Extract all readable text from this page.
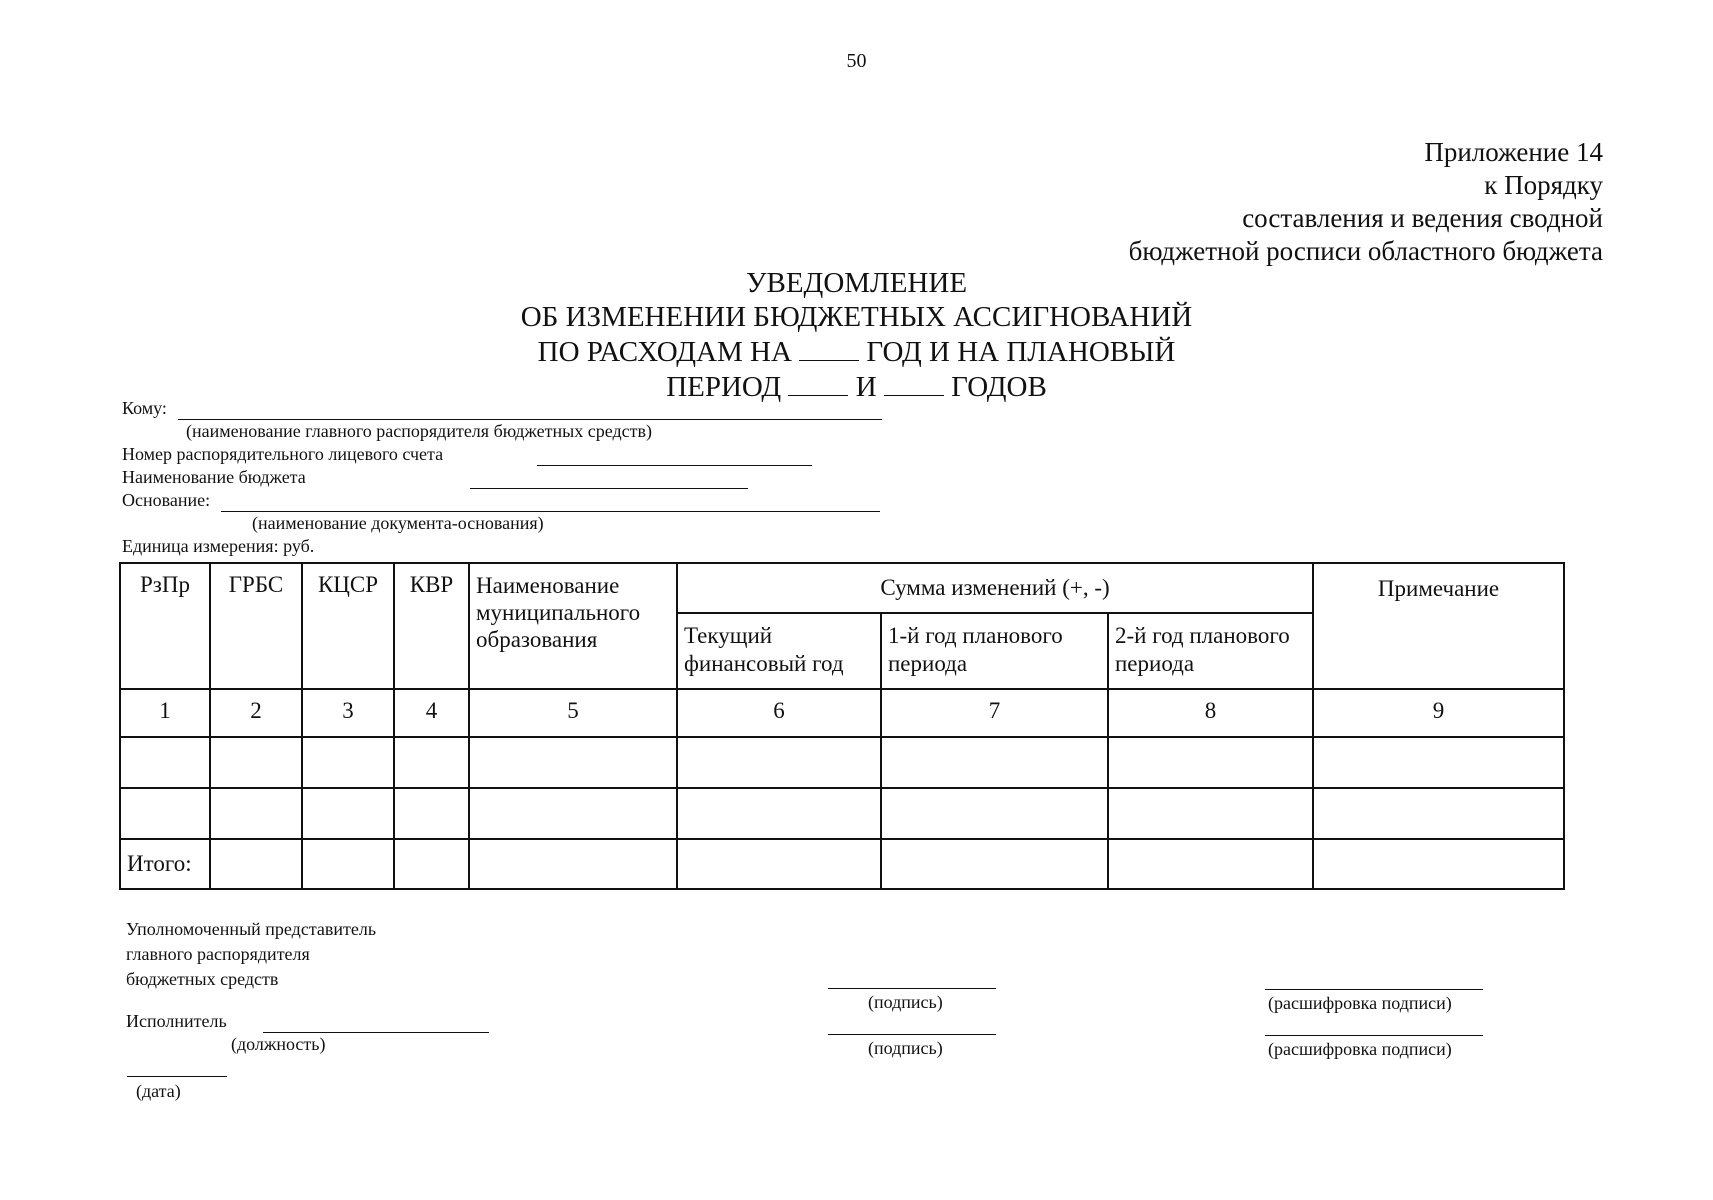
50
Приложение 14
к Порядку
составления и ведения сводной
бюджетной росписи областного бюджета
УВЕДОМЛЕНИЕ
ОБ ИЗМЕНЕНИИ БЮДЖЕТНЫХ АССИГНОВАНИЙ
ПО РАСХОДАМ НА	ГОД И НА ПЛАНОВЫЙ
ПЕРИОД	И	ГОДОВ
Кому:
(наименование главного распорядителя бюджетных средств)
Номер распорядительного лицевого счета
Наименование бюджета
Основание:
(наименование документа-основания)
Единица измерения: руб.
РзПр	ГРБС	КЦСР	КВР	Наименование муниципального образования	Сумма изменений (+, -)			Примечание
					Текущий финансовый год	1-й год планового периода	2-й год планового периода	
1	2	3	4	5	6	7	8	9

Итого:								
Уполномоченный представитель
главного распорядителя
бюджетных средств
(подпись)	(расшифровка подписи)
Исполнитель
(должность)	(подпись)	(расшифровка подписи)
(дата)
